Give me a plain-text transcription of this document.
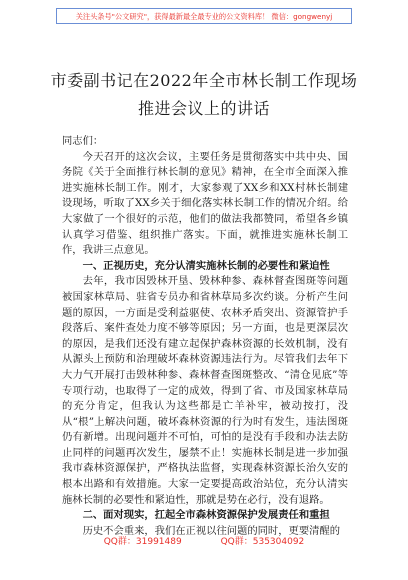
关注头条号"公文研究"，获得最新最全最专业的公文资料库！ 微信：gongwenyj
市委副书记在2022年全市林长制工作现场
推进会议上的讲话

同志们：

今天召开的这次会议，主要任务是贯彻落实中共中央、国务院《关于全面推行林长制的意见》精神，在全市全面深入推进实施林长制工作。刚才，大家参观了XX乡和XX村林长制建设现场，听取了XX乡关于细化落实林长制工作的情况介绍。给大家做了一个很好的示范，他们的做法我都赞同，希望各乡镇认真学习借鉴、组织推广落实。下面，就推进实施林长制工作，我讲三点意见。

一、正视历史，充分认清实施林长制的必要性和紧迫性

去年，我市因毁林开垦、毁林种参、森林督查图斑等问题被国家林草局、驻省专员办和省林草局多次约谈。分析产生问题的原因，一方面是受利益驱使、农林矛盾突出、资源管护手段落后、案件查处力度不够等原因；另一方面，也是更深层次的原因，是我们还没有建立起保护森林资源的长效机制，没有从源头上预防和治理破坏森林资源违法行为。尽管我们去年下大力气开展打击毁林种参、森林督查图斑整改、“清仓见底”等专项行动，也取得了一定的成效，得到了省、市及国家林草局的充分肯定，但我认为这些都是亡羊补牢，被动按打，没从“根”上解决问题，破坏森林资源的行为时有发生，违法图斑仍有新增。出现问题并不可怕，可怕的是没有手段和办法去防止同样的问题再次发生，屡禁不止！实施林长制是进一步加强我市森林资源保护，严格执法监督，实现森林资源长治久安的根本出路和有效措施。大家一定要提高政治站位，充分认清实施林长制的必要性和紧迫性，那就是势在必行，没有退路。

二、面对现实，扛起全市森林资源保护发展责任和重担

历史不会重来，我们在正视以往问题的同时，更要清醒的

QQ群：31991489	QQ群：535304092
